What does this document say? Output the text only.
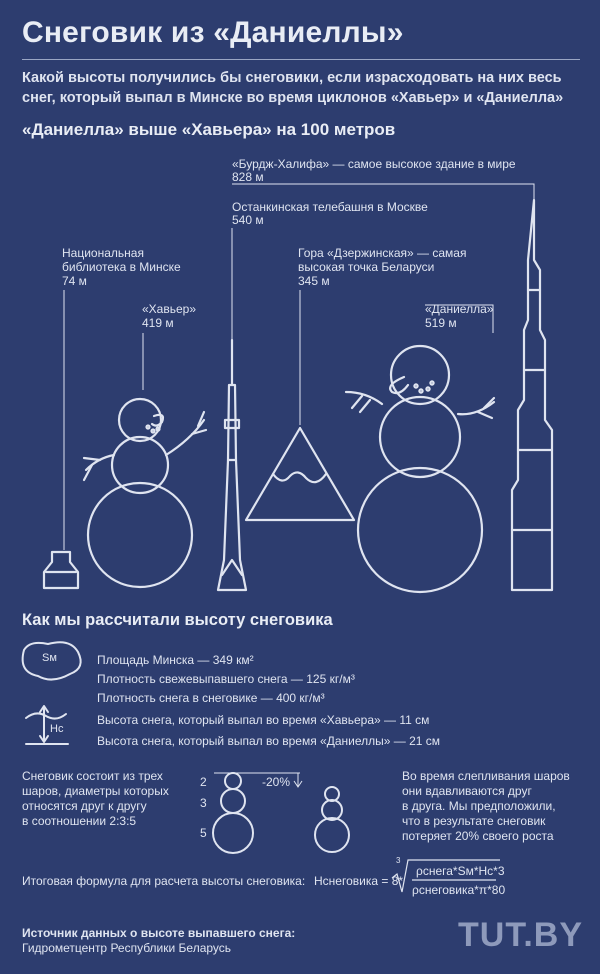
Снеговик из «Даниеллы»
Какой высоты получились бы снеговики, если израсходовать на них весь снег, который выпал в Минске во время циклонов «Хавьер» и «Даниелла»
«Даниелла» выше «Хавьера» на 100 метров
«Бурдж-Халифа» — самое высокое здание в мире
828 м
Останкинская телебашня в Москве
540 м
Национальная
библиотека в Минске
74 м
Гора «Дзержинская» — самая
высокая точка Беларуси
345 м
«Хавьер»
419 м
«Даниелла»
519 м
Как мы рассчитали высоту снеговика
Sм
Hc
Площадь Минска — 349 км²
Плотность свежевыпавшего снега — 125 кг/м³
Плотность снега в снеговике — 400 кг/м³
Высота снега, который выпал во время «Хавьера» — 11 см
Высота снега, который выпал во время «Даниеллы» — 21 см
Снеговик состоит из трех
шаров, диаметры которых
относятся друг к другу
в соотношении 2:3:5
2
3
5
-20%	Во время слепливания шаров
они вдавливаются друг
в друга. Мы предположили,
что в результате снеговик
потеряет 20% своего роста
Итоговая формула для расчета высоты снеговика: Hснеговика = 8*
3
ρснега*Sм*Hc*3
ρснеговика*π*80
Источник данных о высоте выпавшего снега:
Гидрометцентр Республики Беларусь	TUT.BY
